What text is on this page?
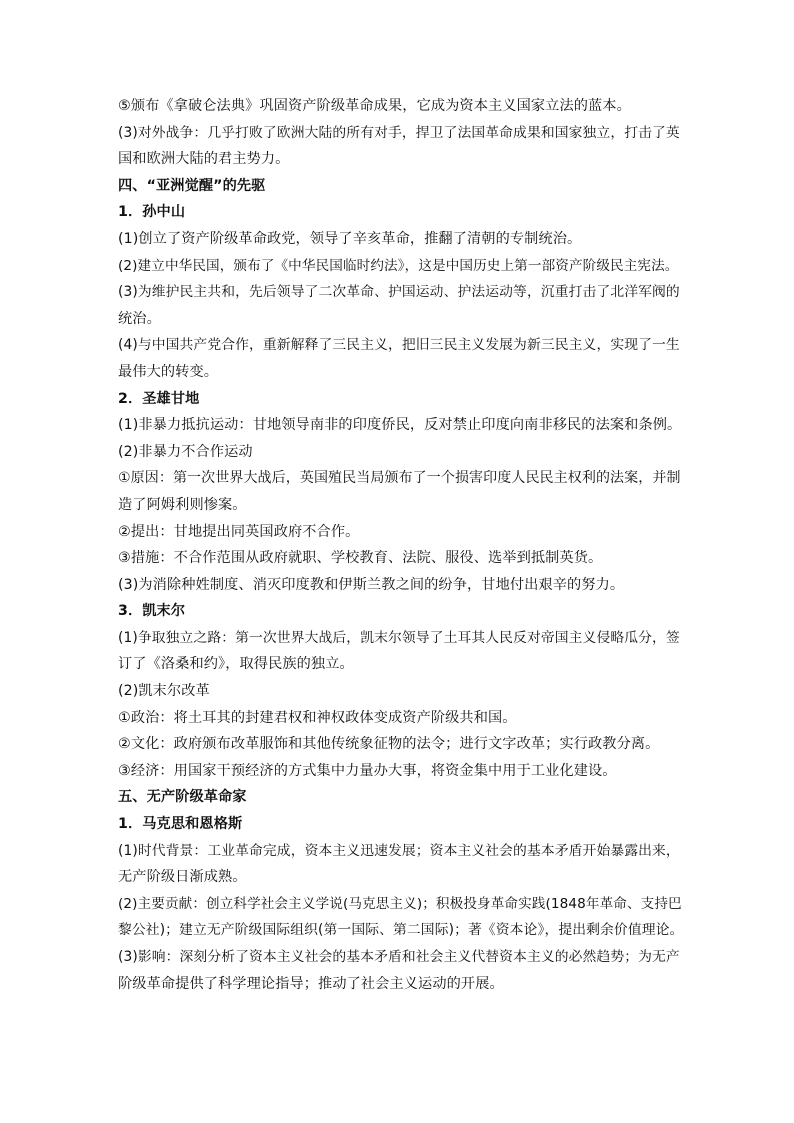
⑤颁布《拿破仑法典》巩固资产阶级革命成果，它成为资本主义国家立法的蓝本。
(3)对外战争：几乎打败了欧洲大陆的所有对手，捍卫了法国革命成果和国家独立，打击了英
国和欧洲大陆的君主势力。
四、“亚洲觉醒”的先驱
1．孙中山
(1)创立了资产阶级革命政党，领导了辛亥革命，推翻了清朝的专制统治。
(2)建立中华民国，颁布了《中华民国临时约法》，这是中国历史上第一部资产阶级民主宪法。
(3)为维护民主共和，先后领导了二次革命、护国运动、护法运动等，沉重打击了北洋军阀的
统治。
(4)与中国共产党合作，重新解释了三民主义，把旧三民主义发展为新三民主义，实现了一生
最伟大的转变。
2．圣雄甘地
(1)非暴力抵抗运动：甘地领导南非的印度侨民，反对禁止印度向南非移民的法案和条例。
(2)非暴力不合作运动
①原因：第一次世界大战后，英国殖民当局颁布了一个损害印度人民民主权利的法案，并制
造了阿姆利则惨案。
②提出：甘地提出同英国政府不合作。
③措施：不合作范围从政府就职、学校教育、法院、服役、选举到抵制英货。
(3)为消除种姓制度、消灭印度教和伊斯兰教之间的纷争，甘地付出艰辛的努力。
3．凯末尔
(1)争取独立之路：第一次世界大战后，凯末尔领导了土耳其人民反对帝国主义侵略瓜分，签
订了《洛桑和约》，取得民族的独立。
(2)凯末尔改革
①政治：将土耳其的封建君权和神权政体变成资产阶级共和国。
②文化：政府颁布改革服饰和其他传统象征物的法令；进行文字改革；实行政教分离。
③经济：用国家干预经济的方式集中力量办大事，将资金集中用于工业化建设。
五、无产阶级革命家
1．马克思和恩格斯
(1)时代背景：工业革命完成，资本主义迅速发展；资本主义社会的基本矛盾开始暴露出来，
无产阶级日渐成熟。
(2)主要贡献：创立科学社会主义学说(马克思主义)；积极投身革命实践(1848年革命、支持巴
黎公社)；建立无产阶级国际组织(第一国际、第二国际)；著《资本论》，提出剩余价值理论。
(3)影响：深刻分析了资本主义社会的基本矛盾和社会主义代替资本主义的必然趋势；为无产
阶级革命提供了科学理论指导；推动了社会主义运动的开展。
